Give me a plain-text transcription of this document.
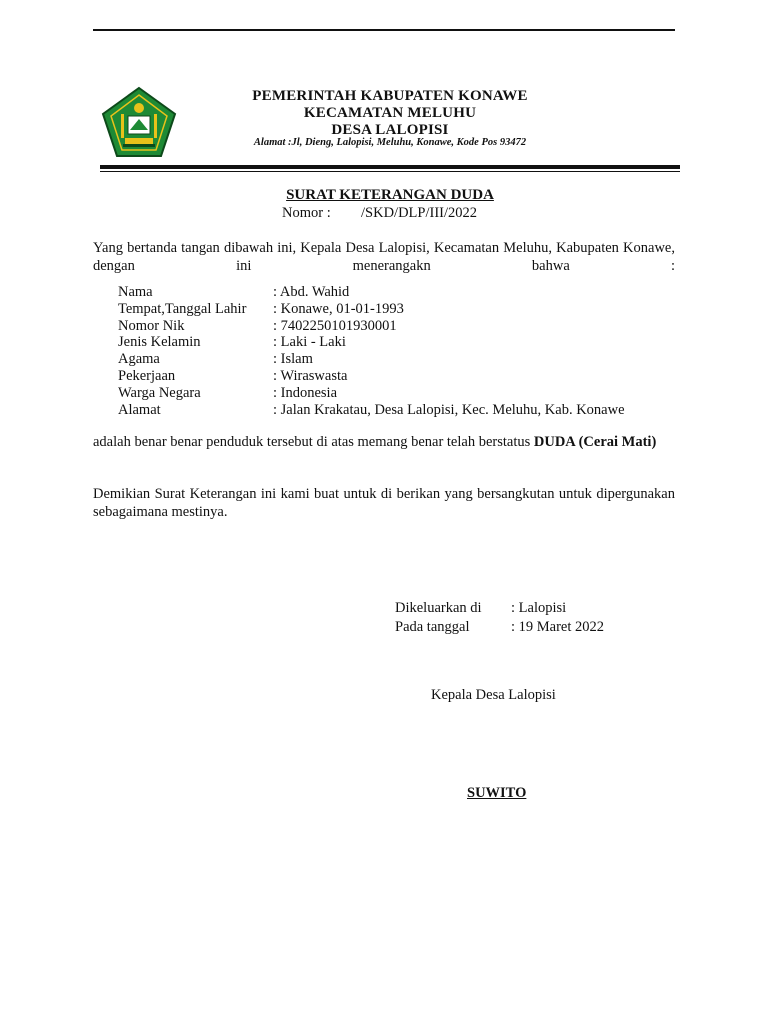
PEMERINTAH KABUPATEN KONAWE
KECAMATAN MELUHU
DESA LALOPISI
Alamat :Jl, Dieng, Lalopisi, Meluhu, Konawe, Kode Pos 93472
SURAT KETERANGAN DUDA
Nomor : /SKD/DLP/III/2022
Yang bertanda tangan dibawah ini, Kepala Desa Lalopisi, Kecamatan Meluhu, Kabupaten Konawe, dengan ini menerangakn bahwa :
Nama	: Abd. Wahid
Tempat,Tanggal Lahir	: Konawe, 01-01-1993
Nomor Nik	: 7402250101930001
Jenis Kelamin	: Laki - Laki
Agama	: Islam
Pekerjaan	: Wiraswasta
Warga Negara	: Indonesia
Alamat	: Jalan Krakatau, Desa Lalopisi, Kec. Meluhu, Kab. Konawe
adalah benar benar penduduk tersebut di atas memang benar telah berstatus DUDA (Cerai Mati)
Demikian Surat Keterangan ini kami buat untuk di berikan yang bersangkutan untuk dipergunakan sebagaimana mestinya.
Dikeluarkan di	: Lalopisi
Pada tanggal	: 19 Maret 2022
Kepala Desa Lalopisi
SUWITO
